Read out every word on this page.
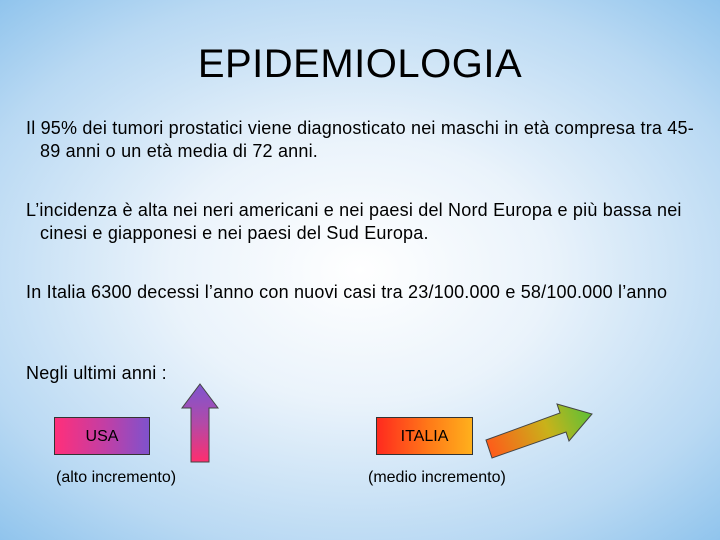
EPIDEMIOLOGIA
Il 95% dei tumori prostatici viene diagnosticato nei maschi in età compresa tra 45-89 anni o un età media di 72 anni.
L’incidenza è alta nei neri americani e nei paesi del Nord Europa e più bassa nei cinesi e giapponesi e nei paesi del Sud Europa.
In Italia 6300 decessi l’anno con nuovi casi tra 23/100.000 e 58/100.000 l’anno
Negli ultimi anni :
USA
(alto incremento)
ITALIA
(medio incremento)
